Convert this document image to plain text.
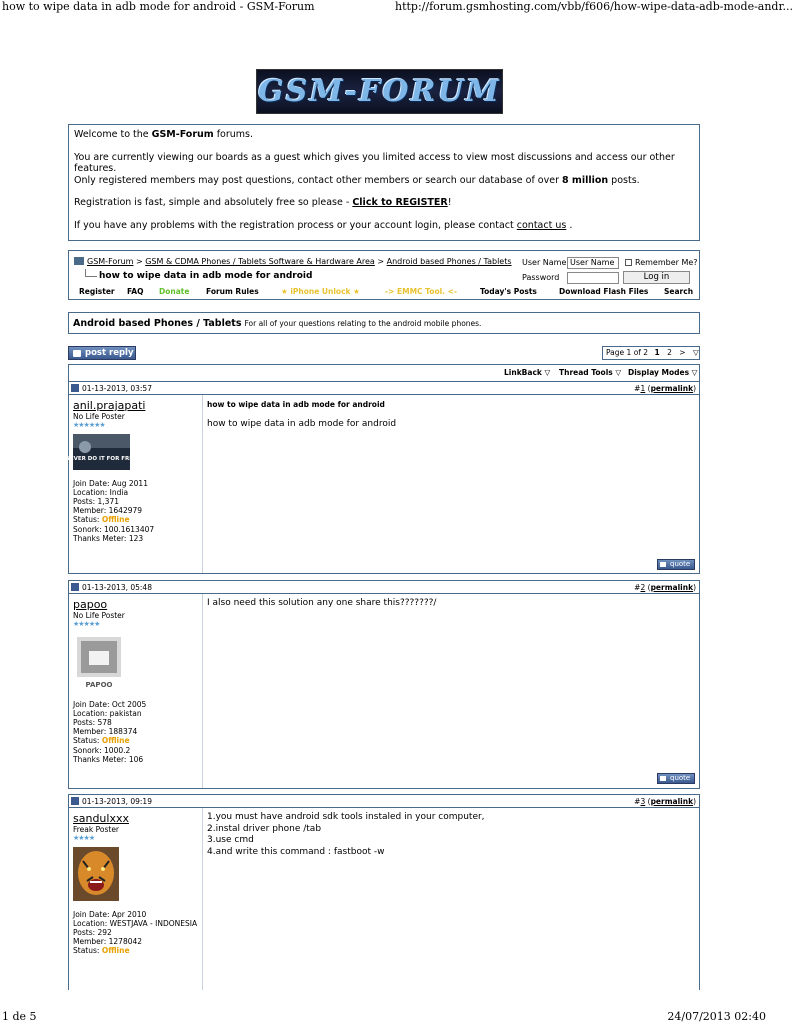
how to wipe data in adb mode for android - GSM-Forum	http://forum.gsmhosting.com/vbb/f606/how-wipe-data-adb-mode-andr...
GSM-FORUM

Welcome to the GSM-Forum forums.

You are currently viewing our boards as a guest which gives you limited access to view most discussions and access our other features.

Only registered members may post questions, contact other members or search our database of over 8 million posts.

Registration is fast, simple and absolutely free so please - Click to REGISTER!

If you have any problems with the registration process or your account login, please contact contact us .

GSM-Forum > GSM & CDMA Phones / Tablets Software & Hardware Area > Android based Phones / Tablets
how to wipe data in adb mode for android
User Name
User Name	Remember Me?
Password	Log in
Register FAQ Donate Forum Rules	★ iPhone Unlock ★	-> EMMC Tool. <-	Today's Posts	Download Flash Files Search
Android based Phones / Tablets For all of your questions relating to the android mobile phones.
post reply	Page 1 of 2 1 2 > ▽
LinkBack ▽ Thread Tools ▽ Display Modes ▽
01-13-2013, 03:57	#1 (permalink)
anil.prajapati
No Life Poster
★★★★★★
NEVER DO IT FOR FREE
Join Date: Aug 2011
Location: India
Posts: 1,371
Member: 1642979
Status: Offline
Sonork: 100.1613407
Thanks Meter: 123
how to wipe data in adb mode for android
how to wipe data in adb mode for android
quote
01-13-2013, 05:48	#2 (permalink)
papoo
No Life Poster
★★★★★
PAPOO
Join Date: Oct 2005
Location: pakistan
Posts: 578
Member: 188374
Status: Offline
Sonork: 1000.2
Thanks Meter: 106
I also need this solution any one share this???????/
quote
01-13-2013, 09:19	#3 (permalink)
sandulxxx
Freak Poster
★★★★
Join Date: Apr 2010
Location: WESTJAVA - INDONESIA
Posts: 292
Member: 1278042
Status: Offline
1.you must have android sdk tools instaled in your computer,
2.instal driver phone /tab
3.use cmd
4.and write this command : fastboot -w
1 de 5	24/07/2013 02:40
